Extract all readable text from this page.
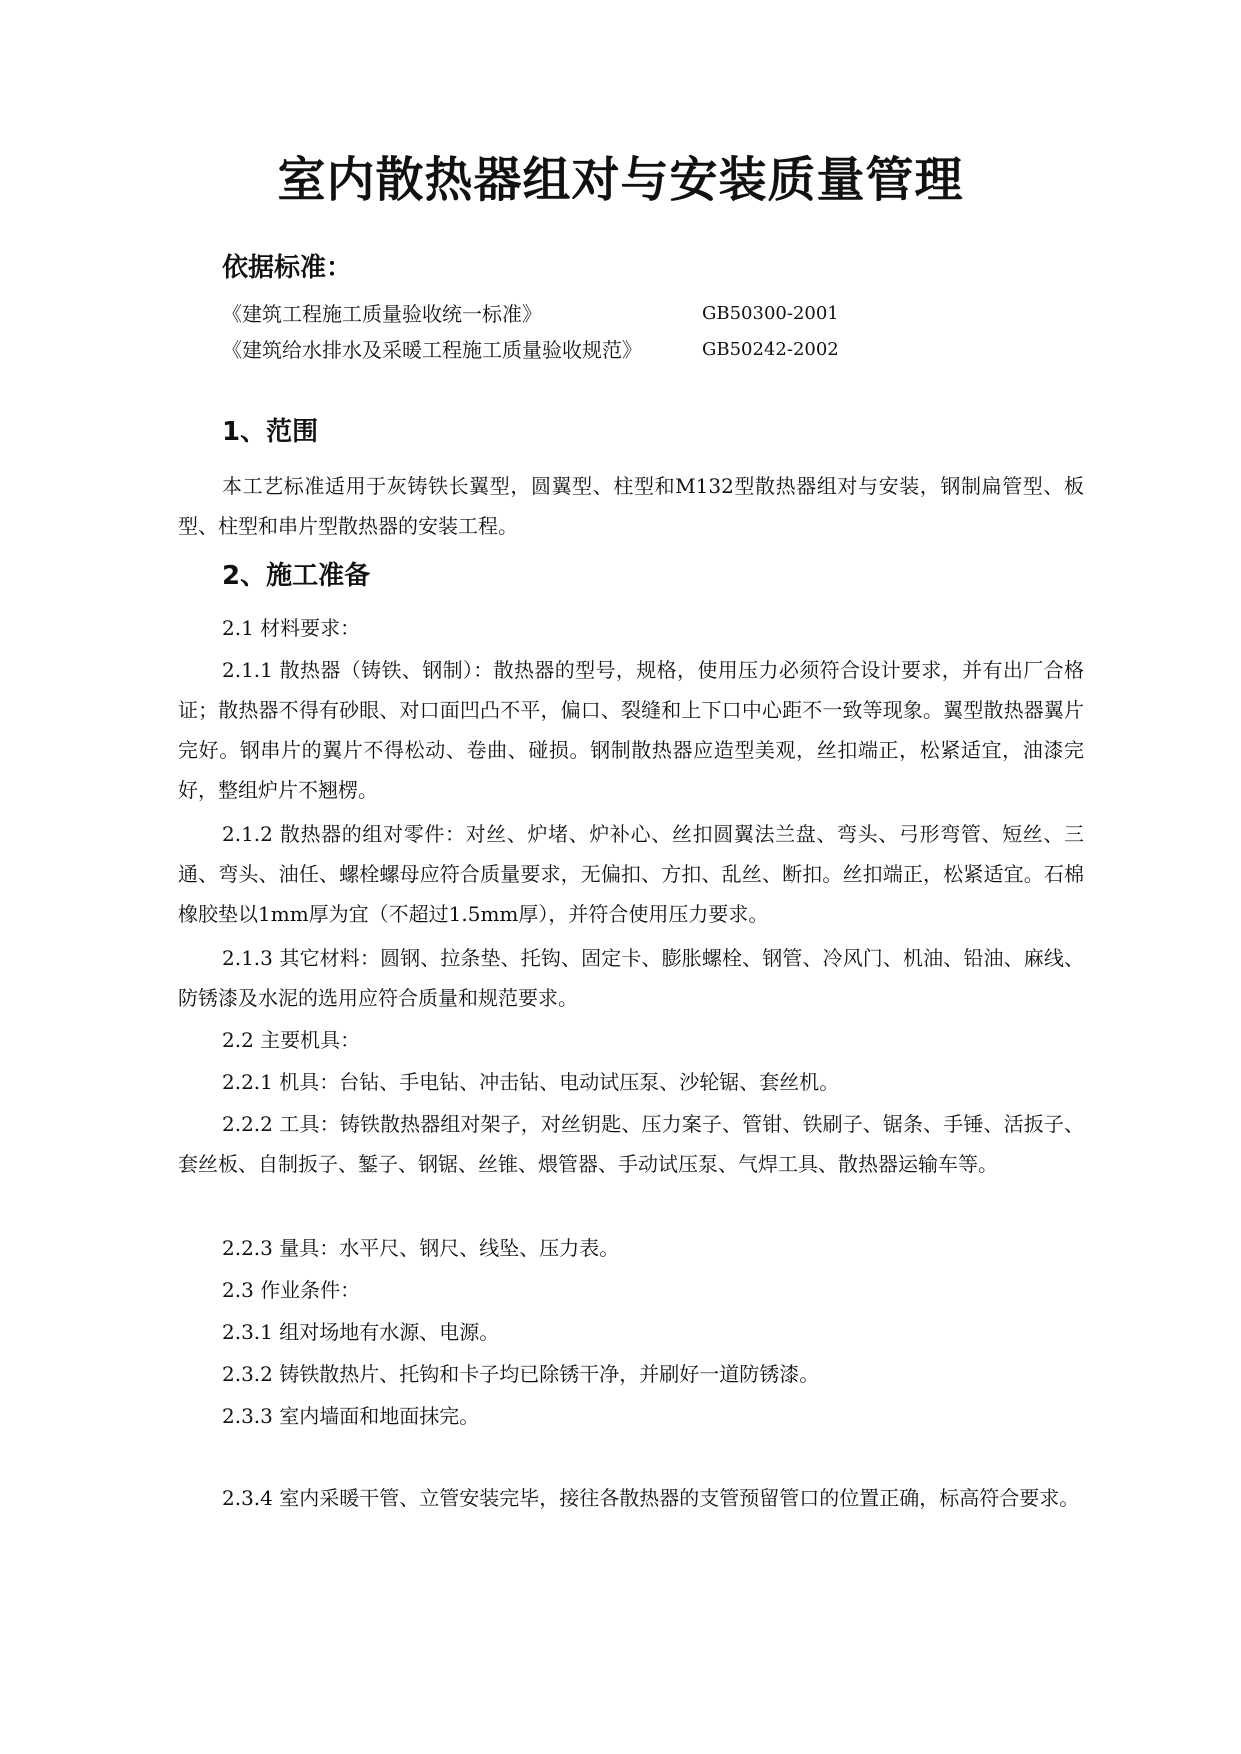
室内散热器组对与安装质量管理
依据标准：
《建筑工程施工质量验收统一标准》	GB50300-2001
《建筑给水排水及采暖工程施工质量验收规范》	GB50242-2002
1、范围

本工艺标准适用于灰铸铁长翼型，圆翼型、柱型和M132型散热器组对与安装，钢制扁管型、板型、柱型和串片型散热器的安装工程。

2、施工准备

2.1 材料要求：

2.1.1 散热器（铸铁、钢制）：散热器的型号，规格，使用压力必须符合设计要求，并有出厂合格证；散热器不得有砂眼、对口面凹凸不平，偏口、裂缝和上下口中心距不一致等现象。翼型散热器翼片完好。钢串片的翼片不得松动、卷曲、碰损。钢制散热器应造型美观，丝扣端正，松紧适宜，油漆完好，整组炉片不翘楞。

2.1.2 散热器的组对零件：对丝、炉堵、炉补心、丝扣圆翼法兰盘、弯头、弓形弯管、短丝、三通、弯头、油任、螺栓螺母应符合质量要求，无偏扣、方扣、乱丝、断扣。丝扣端正，松紧适宜。石棉橡胶垫以1mm厚为宜（不超过1.5mm厚），并符合使用压力要求。

2.1.3 其它材料：圆钢、拉条垫、托钩、固定卡、膨胀螺栓、钢管、冷风门、机油、铅油、麻线、防锈漆及水泥的选用应符合质量和规范要求。

2.2 主要机具：

2.2.1 机具：台钻、手电钻、冲击钻、电动试压泵、沙轮锯、套丝机。

2.2.2 工具：铸铁散热器组对架子，对丝钥匙、压力案子、管钳、铁刷子、锯条、手锤、活扳子、套丝板、自制扳子、錾子、钢锯、丝锥、煨管器、手动试压泵、气焊工具、散热器运输车等。

2.2.3 量具：水平尺、钢尺、线坠、压力表。

2.3 作业条件：

2.3.1 组对场地有水源、电源。

2.3.2 铸铁散热片、托钩和卡子均已除锈干净，并刷好一道防锈漆。

2.3.3 室内墙面和地面抹完。

2.3.4 室内采暖干管、立管安装完毕，接往各散热器的支管预留管口的位置正确，标高符合要求。
